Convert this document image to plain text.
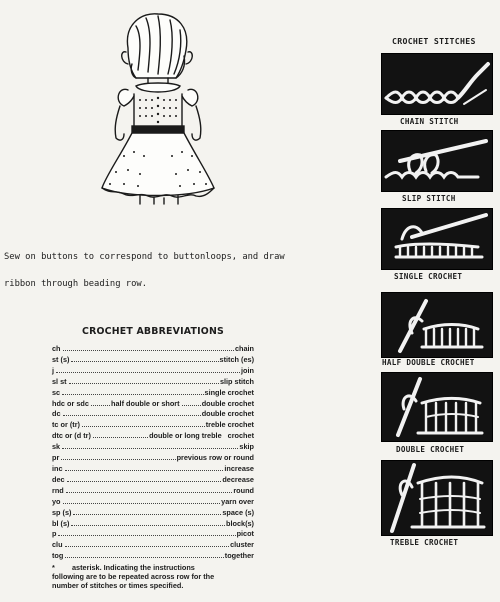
Sew on buttons to correspond to buttonloops, and draw

ribbon through beading row.

CROCHET ABBREVIATIONS
ch	chain
st (s)	stitch (es)
j	join
sl st	slip stitch
sc	single crochet
hdc or sdc	half double or short	double crochet
dc	double crochet
tc or (tr)	treble crochet
dtc or (d tr)	double or long treble crochet
sk	skip
pr	previous row or round
inc	increase
dec	decrease
rnd	round
yo	yarn over
sp (s)	space (s)
bl (s)	block(s)
p	picot
clu	cluster
tog	together
* asterisk. Indicating the instructions
following are to be repeated across row for the
number of stitches or times specified.
CROCHET STITCHES
CHAIN STITCH
SLIP STITCH
SINGLE CROCHET
HALF DOUBLE CROCHET
DOUBLE CROCHET
TREBLE CROCHET
